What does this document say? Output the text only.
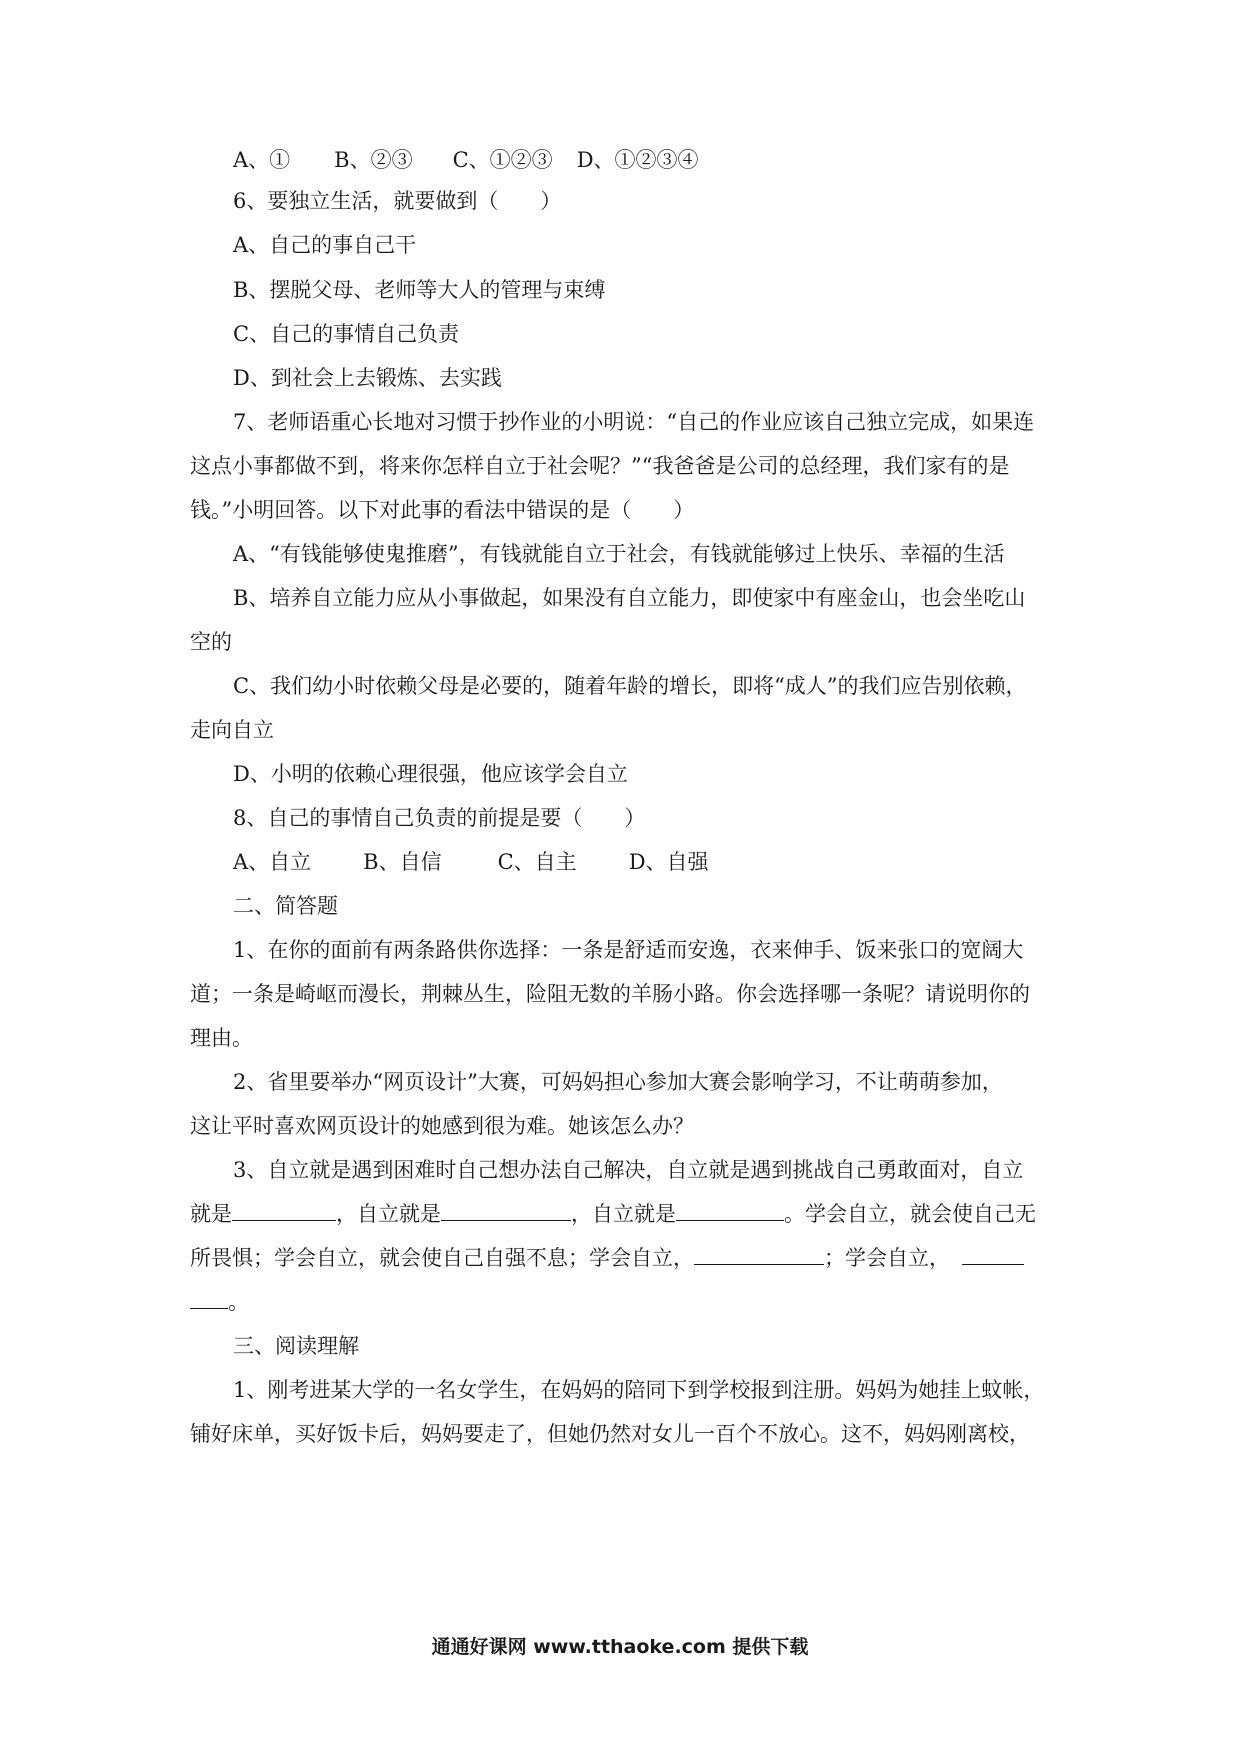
A、① B、②③ C、①②③ D、①②③④
6、要独立生活，就要做到（　　）
A、自己的事自己干
B、摆脱父母、老师等大人的管理与束缚
C、自己的事情自己负责
D、到社会上去锻炼、去实践
7、老师语重心长地对习惯于抄作业的小明说：“自己的作业应该自己独立完成，如果连
这点小事都做不到，将来你怎样自立于社会呢？”“我爸爸是公司的总经理，我们家有的是
钱。”小明回答。以下对此事的看法中错误的是（　　）
A、“有钱能够使鬼推磨”，有钱就能自立于社会，有钱就能够过上快乐、幸福的生活
B、培养自立能力应从小事做起，如果没有自立能力，即使家中有座金山，也会坐吃山
空的
C、我们幼小时依赖父母是必要的，随着年龄的增长，即将“成人”的我们应告别依赖，
走向自立
D、小明的依赖心理很强，他应该学会自立
8、自己的事情自己负责的前提是要（　　）
A、自立 B、自信	C、自主 D、自强
二、简答题
1、在你的面前有两条路供你选择：一条是舒适而安逸，衣来伸手、饭来张口的宽阔大
道；一条是崎岖而漫长，荆棘丛生，险阻无数的羊肠小路。你会选择哪一条呢？请说明你的
理由。
2、省里要举办“网页设计”大赛，可妈妈担心参加大赛会影响学习，不让萌萌参加，
这让平时喜欢网页设计的她感到很为难。她该怎么办？
3、自立就是遇到困难时自己想办法自己解决，自立就是遇到挑战自己勇敢面对，自立
就是	，自立就是	，自立就是	。学会自立，就会使自己无
所畏惧；学会自立，就会使自己自强不息；学会自立，	；学会自立，
。
三、阅读理解
1、刚考进某大学的一名女学生，在妈妈的陪同下到学校报到注册。妈妈为她挂上蚊帐，
铺好床单，买好饭卡后，妈妈要走了，但她仍然对女儿一百个不放心。这不，妈妈刚离校，
通通好课网 www.tthaoke.com 提供下载
